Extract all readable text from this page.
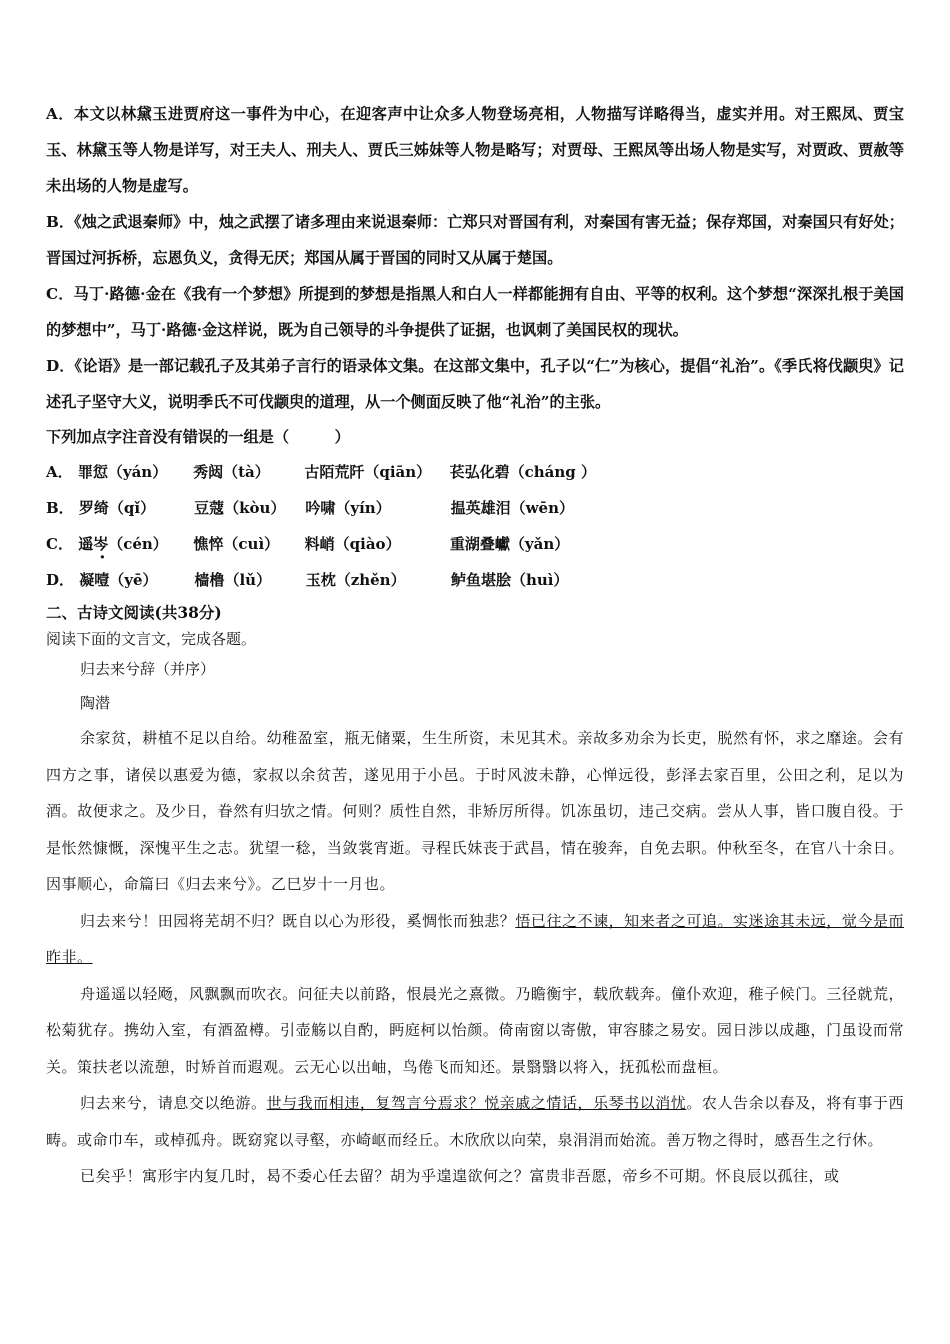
A．本文以林黛玉进贾府这一事件为中心，在迎客声中让众多人物登场亮相，人物描写详略得当，虚实并用。对王熙凤、贾宝玉、林黛玉等人物是详写，对王夫人、刑夫人、贾氏三姊妹等人物是略写；对贾母、王熙凤等出场人物是实写，对贾政、贾赦等未出场的人物是虚写。

B．《烛之武退秦师》中，烛之武摆了诸多理由来说退秦师：亡郑只对晋国有利，对秦国有害无益；保存郑国，对秦国只有好处；晋国过河拆桥，忘恩负义，贪得无厌；郑国从属于晋国的同时又从属于楚国。

C．马丁·路德·金在《我有一个梦想》所提到的梦想是指黑人和白人一样都能拥有自由、平等的权利。这个梦想“深深扎根于美国的梦想中”，马丁·路德·金这样说，既为自己领导的斗争提供了证据，也讽刺了美国民权的现状。

D．《论语》是一部记载孔子及其弟子言行的语录体文集。在这部文集中，孔子以“仁”为核心，提倡“礼治”。《季氏将伐颛臾》记述孔子坚守大义，说明季氏不可伐颛臾的道理，从一个侧面反映了他“礼治”的主张。

下列加点字注音没有错误的一组是（　　　）

A． 罪愆（yán） 秀闼（tà） 古陌荒阡（qiān） 苌弘化碧（cháng ）

B． 罗绮（qǐ）	豆蔻（kòu） 吟啸（yín）	揾英雄泪（wēn）

C． 遥岑（cén） 憔悴（cuì） 料峭（qiào）	重湖叠巘（yǎn）

D． 凝噎（yē） 樯橹（lǔ） 玉枕（zhěn）	鲈鱼堪脍（huì）

二、古诗文阅读(共38分)

阅读下面的文言文，完成各题。

归去来兮辞（并序）

陶潜

余家贫，耕植不足以自给。幼稚盈室，瓶无储粟，生生所资，未见其术。亲故多劝余为长吏，脱然有怀，求之靡途。会有四方之事，诸侯以惠爱为德，家叔以余贫苦，遂见用于小邑。于时风波未静，心惮远役，彭泽去家百里，公田之利，足以为酒。故便求之。及少日，眷然有归欤之情。何则？质性自然，非矫厉所得。饥冻虽切，违己交病。尝从人事，皆口腹自役。于是怅然慷慨，深愧平生之志。犹望一稔，当敛裳宵逝。寻程氏妹丧于武昌，情在骏奔，自免去职。仲秋至冬，在官八十余日。因事顺心，命篇曰《归去来兮》。乙巳岁十一月也。

归去来兮！田园将芜胡不归？既自以心为形役，奚惆怅而独悲？悟已往之不谏，知来者之可追。实迷途其未远，觉今是而昨非。

舟遥遥以轻飏，风飘飘而吹衣。问征夫以前路，恨晨光之熹微。乃瞻衡宇，载欣载奔。僮仆欢迎，稚子候门。三径就荒，松菊犹存。携幼入室，有酒盈樽。引壶觞以自酌，眄庭柯以怡颜。倚南窗以寄傲，审容膝之易安。园日涉以成趣，门虽设而常关。策扶老以流憩，时矫首而遐观。云无心以出岫，鸟倦飞而知还。景翳翳以将入，抚孤松而盘桓。

归去来兮，请息交以绝游。世与我而相违，复驾言兮焉求？悦亲戚之情话，乐琴书以消忧。农人告余以春及，将有事于西畴。或命巾车，或棹孤舟。既窈窕以寻壑，亦崎岖而经丘。木欣欣以向荣，泉涓涓而始流。善万物之得时，感吾生之行休。

已矣乎！寓形宇内复几时，曷不委心任去留？胡为乎遑遑欲何之？富贵非吾愿，帝乡不可期。怀良辰以孤往，或
